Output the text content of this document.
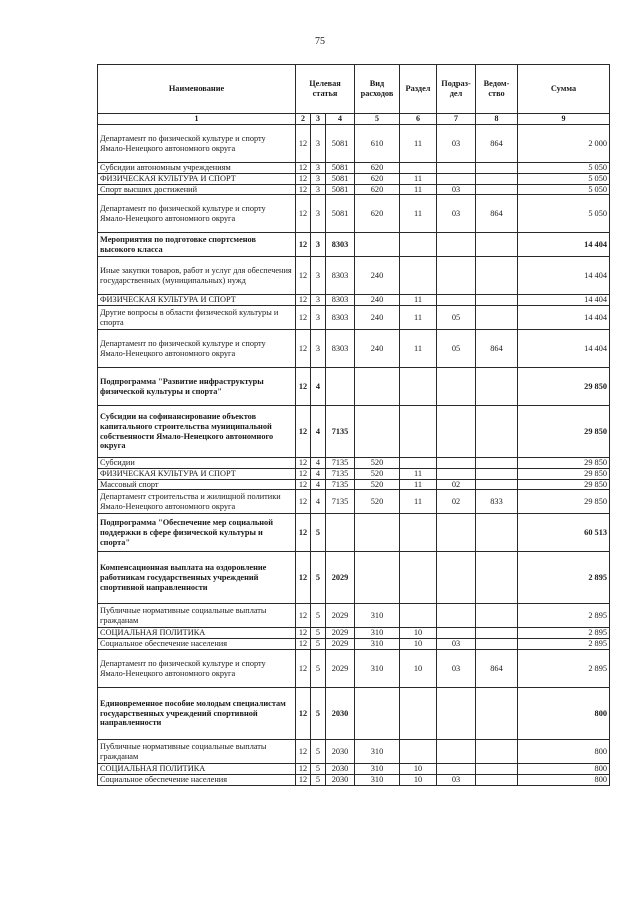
75
Наименование	Целевая статья			Вид расходов	Раздел	Подраз-дел	Ведом-ство	Сумма
1	2	3	4	5	6	7	8	9
Департамент по физической культуре и спорту Ямало-Ненецкого автономного округа	12	3	5081	610	11	03	864	2 000
Субсидии автономным учреждениям	12	3	5081	620				5 050
ФИЗИЧЕСКАЯ КУЛЬТУРА И СПОРТ	12	3	5081	620	11			5 050
Спорт высших достижений	12	3	5081	620	11	03		5 050
Департамент по физической культуре и спорту Ямало-Ненецкого автономного округа	12	3	5081	620	11	03	864	5 050
Мероприятия по подготовке спортсменов высокого класса	12	3	8303					14 404
Иные закупки товаров, работ и услуг для обеспечения государственных (муниципальных) нужд	12	3	8303	240				14 404
ФИЗИЧЕСКАЯ КУЛЬТУРА И СПОРТ	12	3	8303	240	11			14 404
Другие вопросы в области физической культуры и спорта	12	3	8303	240	11	05		14 404
Департамент по физической культуре и спорту Ямало-Ненецкого автономного округа	12	3	8303	240	11	05	864	14 404
Подпрограмма "Развитие инфраструктуры физической культуры и спорта"	12	4						29 850
Субсидии на софинансирование объектов капитального строительства муниципальной собственности Ямало-Ненецкого автономного округа	12	4	7135					29 850
Субсидии	12	4	7135	520				29 850
ФИЗИЧЕСКАЯ КУЛЬТУРА И СПОРТ	12	4	7135	520	11			29 850
Массовый спорт	12	4	7135	520	11	02		29 850
Департамент строительства и жилищной политики Ямало-Ненецкого автономного округа	12	4	7135	520	11	02	833	29 850
Подпрограмма "Обеспечение мер социальной поддержки в сфере физической культуры и спорта"	12	5						60 513
Компенсационная выплата на оздоровление работникам государственных учреждений спортивной направленности	12	5	2029					2 895
Публичные нормативные социальные выплаты гражданам	12	5	2029	310				2 895
СОЦИАЛЬНАЯ ПОЛИТИКА	12	5	2029	310	10			2 895
Социальное обеспечение населения	12	5	2029	310	10	03		2 895
Департамент по физической культуре и спорту Ямало-Ненецкого автономного округа	12	5	2029	310	10	03	864	2 895
Единовременное пособие молодым специалистам государственных учреждений спортивной направленности	12	5	2030					800
Публичные нормативные социальные выплаты гражданам	12	5	2030	310				800
СОЦИАЛЬНАЯ ПОЛИТИКА	12	5	2030	310	10			800
Социальное обеспечение населения	12	5	2030	310	10	03		800
